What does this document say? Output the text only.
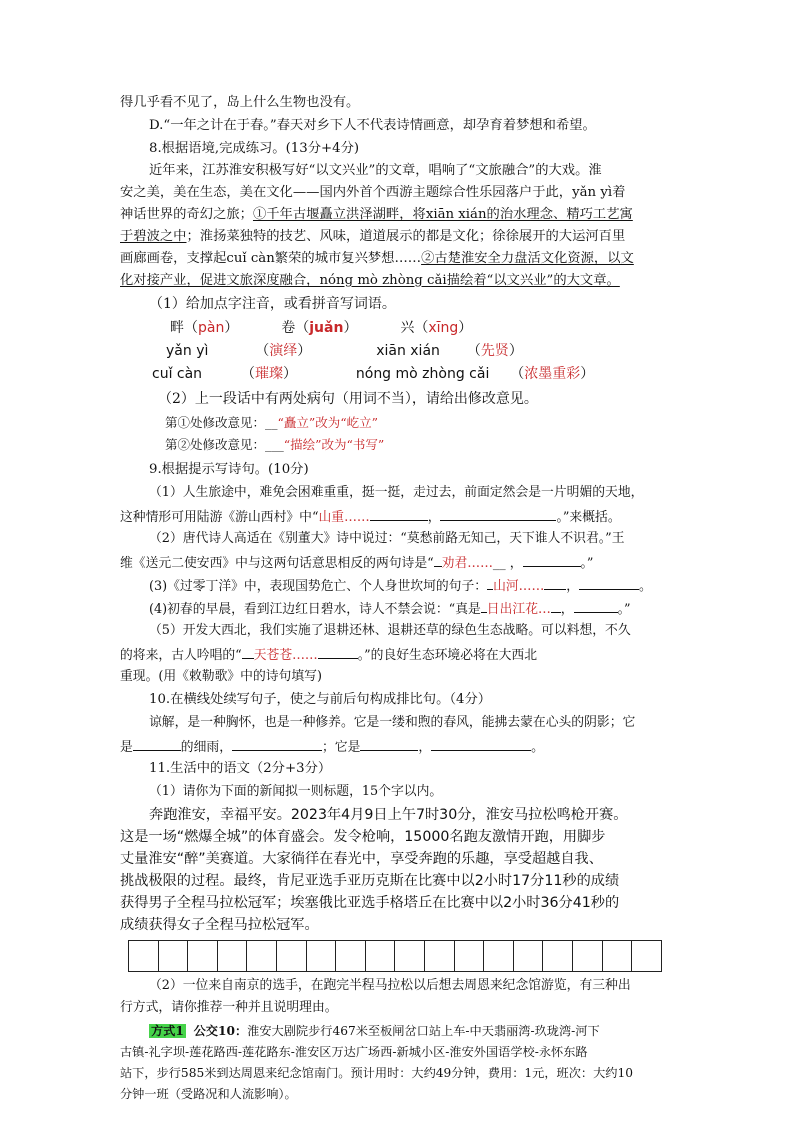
得几乎看不见了，岛上什么生物也没有。
D.“一年之计在于春。”春天对乡下人不代表诗情画意，却孕育着梦想和希望。
8.根据语境,完成练习。(13分+4分)
近年来，江苏淮安积极写好“以文兴业”的文章，唱响了“文旅融合”的大戏。淮
安之美，美在生态，美在文化——国内外首个西游主题综合性乐园落户于此，yǎn yì着
神话世界的奇幻之旅；①千年古堰矗立洪泽湖畔，将xiān xián的治水理念、精巧工艺寓
于碧波之中；淮扬菜独特的技艺、风味，道道展示的都是文化；徐徐展开的大运河百里
画廊画卷，支撑起cuǐ càn繁荣的城市复兴梦想……②古楚淮安全力盘活文化资源，以文
化对接产业，促进文旅深度融合，nóng mò zhòng cǎi描绘着“以文兴业”的大文章。
（1）给加点字注音，或看拼音写词语。
畔（pàn）	卷（juǎn）	兴（xīng）
yǎn yì	（演绎）	xiān xián （先贤）
cuǐ càn	（璀璨）	nóng mò zhòng cǎi （浓墨重彩）
（2）上一段话中有两处病句（用词不当），请给出修改意见。
第①处修改意见：__“矗立”改为“屹立”
第②处修改意见：___“描绘”改为“书写”
9.根据提示写诗句。(10分)
（1）人生旅途中，难免会困难重重，挺一挺，走过去，前面定然会是一片明媚的天地，
这种情形可用陆游《游山西村》中“山重……	，	。”来概括。
（2）唐代诗人高适在《别董大》诗中说过：“莫愁前路无知己，天下谁人不识君。”王
维《送元二使安西》中与这两句话意思相反的两句诗是“ 劝君……__ ，	。”
(3)《过零丁洋》中，表现国势危亡、个人身世坎坷的句子： 山河…… ，	。
(4)初春的早晨，看到江边红日碧水，诗人不禁会说：“真是 日出江花… ，	。”
（5）开发大西北，我们实施了退耕还林、退耕还草的绿色生态战略。可以料想，不久
的将来，古人吟唱的“ 天苍苍……	。”的良好生态环境必将在大西北
重现。(用《敕勒歌》中的诗句填写)
10.在横线处续写句子，使之与前后句构成排比句。（4分）
谅解，是一种胸怀，也是一种修养。它是一缕和煦的春风，能拂去蒙在心头的阴影；它
是	的细雨，	；它是	，	。
11.生活中的语文（2分+3分）
（1）请你为下面的新闻拟一则标题，15个字以内。
奔跑淮安，幸福平安。2023年4月9日上午7时30分，淮安马拉松鸣枪开赛。
这是一场“燃爆全城”的体育盛会。发令枪响，15000名跑友激情开跑，用脚步
丈量淮安“醉”美赛道。大家徜徉在春光中，享受奔跑的乐趣，享受超越自我、
挑战极限的过程。最终，肯尼亚选手亚历克斯在比赛中以2小时17分11秒的成绩
获得男子全程马拉松冠军；埃塞俄比亚选手格塔丘在比赛中以2小时36分41秒的
成绩获得女子全程马拉松冠军。
（2）一位来自南京的选手，在跑完半程马拉松以后想去周恩来纪念馆游览，有三种出
行方式，请你推荐一种并且说明理由。
方式1 公交10：淮安大剧院步行467米至板闸岔口站上车-中天翡丽湾-玖珑湾-河下
古镇-礼字坝-莲花路西-莲花路东-淮安区万达广场西-新城小区-淮安外国语学校-永怀东路
站下，步行585米到达周恩来纪念馆南门。预计用时：大约49分钟，费用：1元，班次：大约10
分钟一班（受路况和人流影响）。
